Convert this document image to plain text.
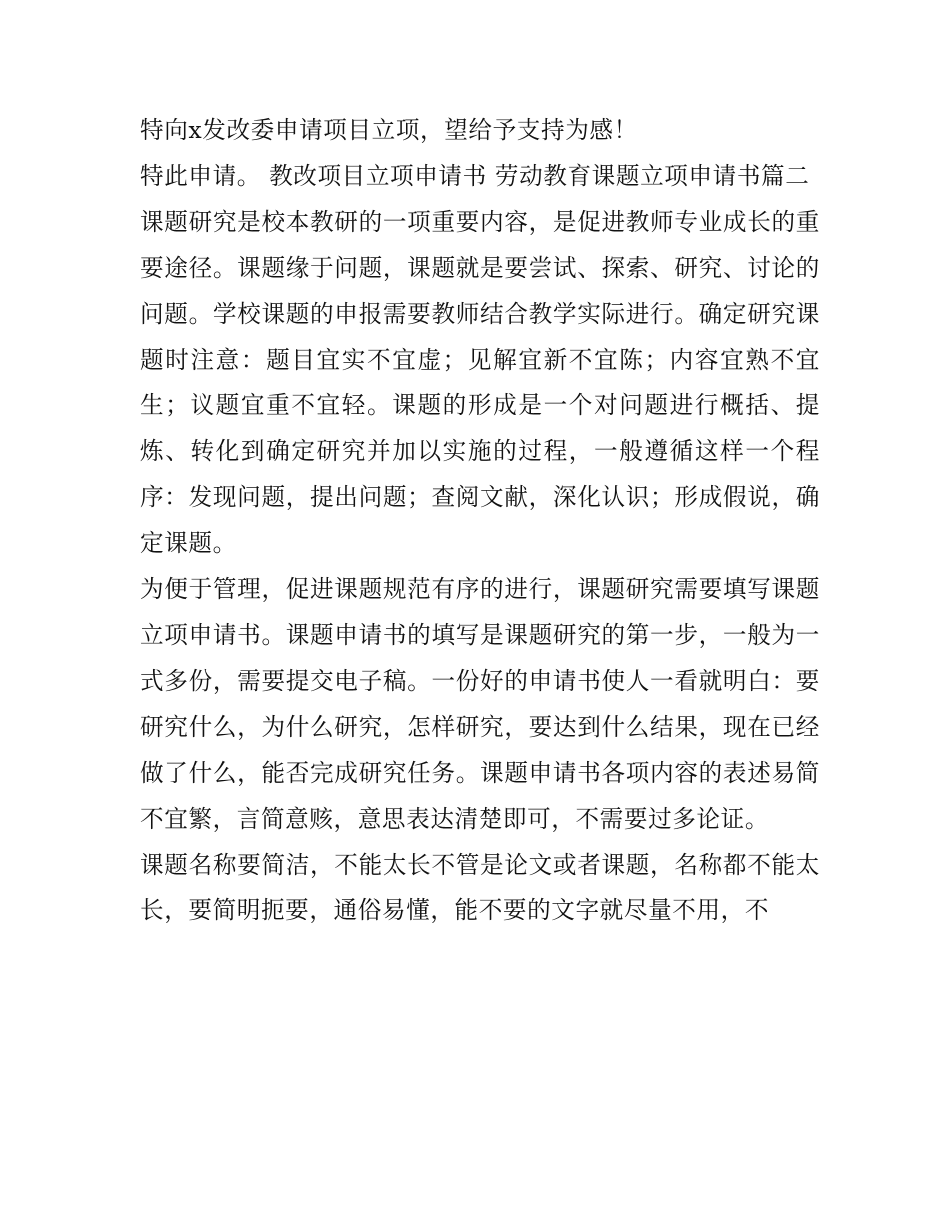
特向x发改委申请项目立项，望给予支持为感！

特此申请。 教改项目立项申请书 劳动教育课题立项申请书篇二

课题研究是校本教研的一项重要内容，是促进教师专业成长的重要途径。课题缘于问题，课题就是要尝试、探索、研究、讨论的问题。学校课题的申报需要教师结合教学实际进行。确定研究课题时注意：题目宜实不宜虚；见解宜新不宜陈；内容宜熟不宜生；议题宜重不宜轻。课题的形成是一个对问题进行概括、提炼、转化到确定研究并加以实施的过程，一般遵循这样一个程序：发现问题，提出问题；查阅文献，深化认识；形成假说，确定课题。

为便于管理，促进课题规范有序的进行，课题研究需要填写课题立项申请书。课题申请书的填写是课题研究的第一步，一般为一式多份，需要提交电子稿。一份好的申请书使人一看就明白：要研究什么，为什么研究，怎样研究，要达到什么结果，现在已经做了什么，能否完成研究任务。课题申请书各项内容的表述易简不宜繁，言简意赅，意思表达清楚即可，不需要过多论证。

课题名称要简洁，不能太长不管是论文或者课题，名称都不能太长，要简明扼要，通俗易懂，能不要的文字就尽量不用，不
